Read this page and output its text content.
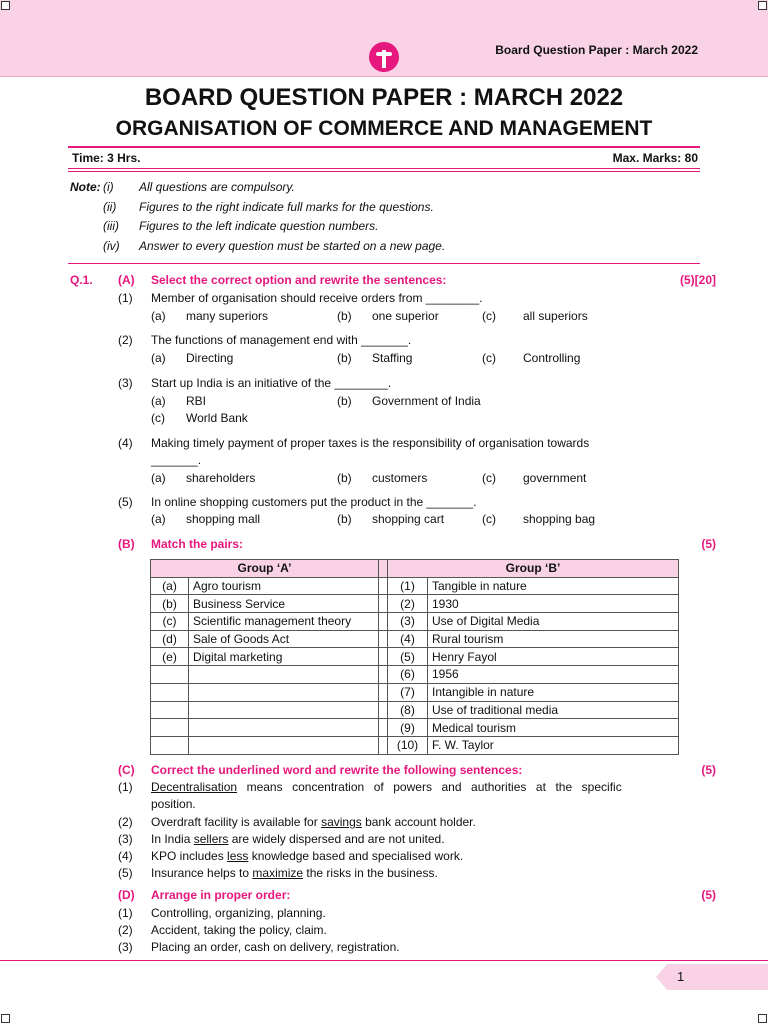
Board Question Paper : March 2022
BOARD QUESTION PAPER : MARCH 2022
ORGANISATION OF COMMERCE AND MANAGEMENT
Time: 3 Hrs.	Max. Marks: 80
Note: (i) All questions are compulsory.
(ii) Figures to the right indicate full marks for the questions.
(iii) Figures to the left indicate question numbers.
(iv) Answer to every question must be started on a new page.
Q.1. (A) Select the correct option and rewrite the sentences:	(5)[20]
(1) Member of organisation should receive orders from ________.
(a) many superiors	(b) one superior	(c) all superiors
(2) The functions of management end with _______.
(a) Directing	(b) Staffing	(c) Controlling
(3) Start up India is an initiative of the ________.
(a) RBI	(b) Government of India
(c) World Bank
(4) Making timely payment of proper taxes is the responsibility of organisation towards
_______.
(a) shareholders	(b) customers	(c) government
(5) In online shopping customers put the product in the _______.
(a) shopping mall	(b) shopping cart	(c) shopping bag
(B) Match the pairs:	(5)
Group ‘A’			Group ‘B’	
(a)	Agro tourism		(1)	Tangible in nature
(b)	Business Service		(2)	1930
(c)	Scientific management theory		(3)	Use of Digital Media
(d)	Sale of Goods Act		(4)	Rural tourism
(e)	Digital marketing		(5)	Henry Fayol
			(6)	1956
			(7)	Intangible in nature
			(8)	Use of traditional media
			(9)	Medical tourism
			(10)	F. W. Taylor
(C) Correct the underlined word and rewrite the following sentences:	(5)
(1) Decentralisation means concentration of powers and authorities at the specific
position.
(2) Overdraft facility is available for savings bank account holder.
(3) In India sellers are widely dispersed and are not united.
(4) KPO includes less knowledge based and specialised work.
(5) Insurance helps to maximize the risks in the business.
(D) Arrange in proper order:	(5)
(1) Controlling, organizing, planning.
(2) Accident, taking the policy, claim.
(3) Placing an order, cash on delivery, registration.
1
